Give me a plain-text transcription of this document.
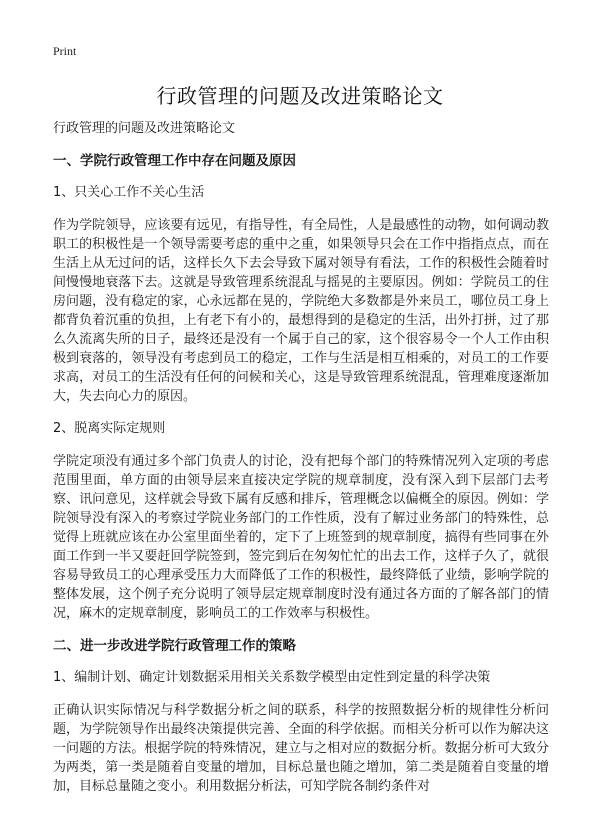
Print
行政管理的问题及改进策略论文

行政管理的问题及改进策略论文

一、学院行政管理工作中存在问题及原因

1、只关心工作不关心生活

作为学院领导，应该要有远见，有指导性，有全局性，人是最感性的动物，如何调动教职工的积极性是一个领导需要考虑的重中之重，如果领导只会在工作中指指点点，而在生活上从无过问的话，这样长久下去会导致下属对领导有看法，工作的积极性会随着时间慢慢地衰落下去。这就是导致管理系统混乱与摇晃的主要原因。例如：学院员工的住房问题，没有稳定的家，心永远都在晃的，学院绝大多数都是外来员工，哪位员工身上都背负着沉重的负担，上有老下有小的，最想得到的是稳定的生活，出外打拼，过了那么久流离失所的日子，最终还是没有一个属于自己的家，这个很容易令一个人工作由积极到衰落的，领导没有考虑到员工的稳定，工作与生活是相互相乘的，对员工的工作要求高，对员工的生活没有任何的问候和关心，这是导致管理系统混乱，管理难度逐渐加大，失去向心力的原因。

2、脱离实际定规则

学院定项没有通过多个部门负责人的讨论，没有把每个部门的特殊情况列入定项的考虑范围里面，单方面的由领导层来直接决定学院的规章制度，没有深入到下层部门去考察、讯问意见，这样就会导致下属有反感和排斥，管理概念以偏概全的原因。例如：学院领导没有深入的考察过学院业务部门的工作性质，没有了解过业务部门的特殊性，总觉得上班就应该在办公室里面坐着的，定下了上班签到的规章制度，搞得有些同事在外面工作到一半又要赶回学院签到，签完到后在匆匆忙忙的出去工作，这样子久了，就很容易导致员工的心理承受压力大而降低了工作的积极性，最终降低了业绩，影响学院的整体发展，这个例子充分说明了领导层定规章制度时没有通过各方面的了解各部门的情况，麻木的定规章制度，影响员工的工作效率与积极性。

二、进一步改进学院行政管理工作的策略

1、编制计划、确定计划数据采用相关关系数学模型由定性到定量的科学决策

正确认识实际情况与科学数据分析之间的联系，科学的按照数据分析的规律性分析问题，为学院领导作出最终决策提供完善、全面的科学依据。而相关分析可以作为解决这一问题的方法。根据学院的特殊情况，建立与之相对应的数据分析。数据分析可大致分为两类，第一类是随着自变量的增加，目标总量也随之增加，第二类是随着自变量的增加，目标总量随之变小。利用数据分析法，可知学院各制约条件对
